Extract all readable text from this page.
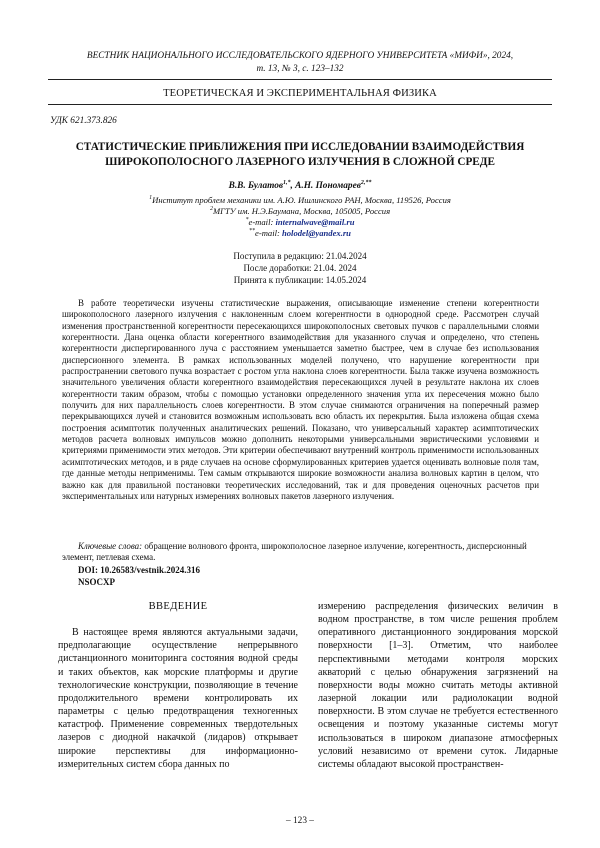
ВЕСТНИК НАЦИОНАЛЬНОГО ИССЛЕДОВАТЕЛЬСКОГО ЯДЕРНОГО УНИВЕРСИТЕТА «МИФИ», 2024,
т. 13, № 3, с. 123–132
ТЕОРЕТИЧЕСКАЯ И ЭКСПЕРИМЕНТАЛЬНАЯ ФИЗИКА
УДК 621.373.826
СТАТИСТИЧЕСКИЕ ПРИБЛИЖЕНИЯ ПРИ ИССЛЕДОВАНИИ ВЗАИМОДЕЙСТВИЯ
ШИРОКОПОЛОСНОГО ЛАЗЕРНОГО ИЗЛУЧЕНИЯ В СЛОЖНОЙ СРЕДЕ
В.В. Булатов$^{1,*}$, А.Н. Пономарев$^{2,**}$
$^1$Институт проблем механики им. А.Ю. Ишлинского РАН, Москва, 119526, Россия
$^2$МГТУ им. Н.Э.Баумана, Москва, 105005, Россия
*e-mail: internalwave@mail.ru
**e-mail: holodel@yandex.ru
Поступила в редакцию: 21.04.2024
После доработки: 21.04. 2024
Принята к публикации: 14.05.2024

В работе теоретически изучены статистические выражения, описывающие изменение степени когерентности широкополосного лазерного излучения с наклоненным слоем когерентности в однородной среде. Рассмотрен случай изменения пространственной когерентности пересекающихся широкополосных световых пучков с параллельными слоями когерентности. Дана оценка области когерентного взаимодействия для указанного случая и определено, что степень когерентности диспергированного луча с расстоянием уменьшается заметно быстрее, чем в случае без использования дисперсионного элемента. В рамках использованных моделей получено, что нарушение когерентности при распространении светового пучка возрастает с ростом угла наклона слоев когерентности. Была также изучена возможность значительного увеличения области когерентного взаимодействия пересекающихся лучей в результате наклона их слоев когерентности таким образом, чтобы с помощью установки определенного значения угла их пересечения можно было получить для них параллельность слоев когерентности. В этом случае снимаются ограничения на поперечный размер перекрывающихся лучей и становится возможным использовать всю область их перекрытия. Была изложена общая схема построения асимптотик полученных аналитических решений. Показано, что универсальный характер асимптотических методов расчета волновых импульсов можно дополнить некоторыми универсальными эвристическими условиями и критериями применимости этих методов. Эти критерии обеспечивают внутренний контроль применимости использованных асимптотических методов, и в ряде случаев на основе сформулированных критериев удается оценивать волновые поля там, где данные методы неприменимы. Тем самым открываются широкие возможности анализа волновых картин в целом, что важно как для правильной постановки теоретических исследований, так и для проведения оценочных расчетов при экспериментальных или натурных измерениях волновых пакетов лазерного излучения.

Ключевые слова: обращение волнового фронта, широкополосное лазерное излучение, когерентность, дисперсионный элемент, петлевая схема.

DOI: 10.26583/vestnik.2024.316
NSOCXP
ВВЕДЕНИЕ

В настоящее время являются актуальными задачи, предполагающие осуществление непрерывного дистанционного мониторинга состояния водной среды и таких объектов, как морские платформы и другие технологические конструкции, позволяющие в течение продолжительного времени контролировать их параметры с целью предотвращения техногенных катастроф. Применение современных твердотельных лазеров с диодной накачкой (лидаров) открывает широкие перспективы для информационно-измерительных систем сбора данных по

измерению распределения физических величин в водном пространстве, в том числе решения проблем оперативного дистанционного зондирования морской поверхности [1–3]. Отметим, что наиболее перспективными методами контроля морских акваторий с целью обнаружения загрязнений на поверхности воды можно считать методы активной лазерной локации или радиолокации водной поверхности. В этом случае не требуется естественного освещения и поэтому указанные системы могут использоваться в широком диапазоне атмосферных условий независимо от времени суток. Лидарные системы обладают высокой пространствен-

– 123 –
